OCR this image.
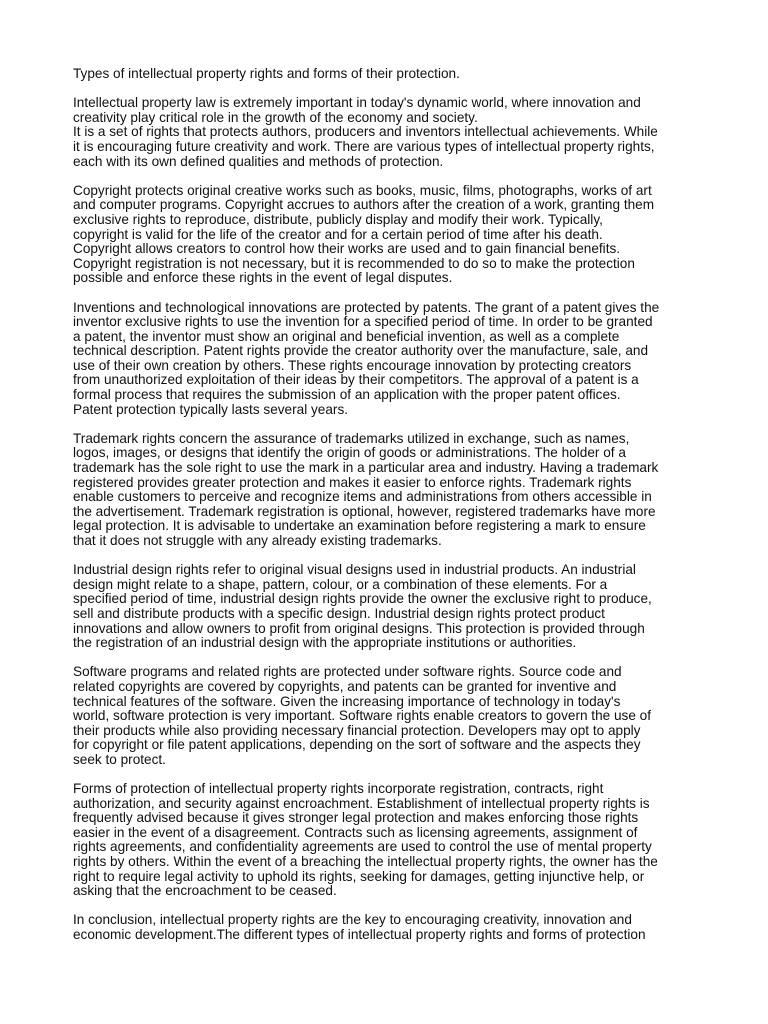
Types of intellectual property rights and forms of their protection.

Intellectual property law is extremely important in today's dynamic world, where innovation and
creativity play critical role in the growth of the economy and society.
It is a set of rights that protects authors, producers and inventors intellectual achievements. While
it is encouraging future creativity and work. There are various types of intellectual property rights,
each with its own defined qualities and methods of protection.

Copyright protects original creative works such as books, music, films, photographs, works of art
and computer programs. Copyright accrues to authors after the creation of a work, granting them
exclusive rights to reproduce, distribute, publicly display and modify their work. Typically,
copyright is valid for the life of the creator and for a certain period of time after his death.
Copyright allows creators to control how their works are used and to gain financial benefits.
Copyright registration is not necessary, but it is recommended to do so to make the protection
possible and enforce these rights in the event of legal disputes.

Inventions and technological innovations are protected by patents. The grant of a patent gives the
inventor exclusive rights to use the invention for a specified period of time. In order to be granted
a patent, the inventor must show an original and beneficial invention, as well as a complete
technical description. Patent rights provide the creator authority over the manufacture, sale, and
use of their own creation by others. These rights encourage innovation by protecting creators
from unauthorized exploitation of their ideas by their competitors. The approval of a patent is a
formal process that requires the submission of an application with the proper patent offices.
Patent protection typically lasts several years.

Trademark rights concern the assurance of trademarks utilized in exchange, such as names,
logos, images, or designs that identify the origin of goods or administrations. The holder of a
trademark has the sole right to use the mark in a particular area and industry. Having a trademark
registered provides greater protection and makes it easier to enforce rights. Trademark rights
enable customers to perceive and recognize items and administrations from others accessible in
the advertisement. Trademark registration is optional, however, registered trademarks have more
legal protection. It is advisable to undertake an examination before registering a mark to ensure
that it does not struggle with any already existing trademarks.

Industrial design rights refer to original visual designs used in industrial products. An industrial
design might relate to a shape, pattern, colour, or a combination of these elements. For a
specified period of time, industrial design rights provide the owner the exclusive right to produce,
sell and distribute products with a specific design. Industrial design rights protect product
innovations and allow owners to profit from original designs. This protection is provided through
the registration of an industrial design with the appropriate institutions or authorities.

Software programs and related rights are protected under software rights. Source code and
related copyrights are covered by copyrights, and patents can be granted for inventive and
technical features of the software. Given the increasing importance of technology in today's
world, software protection is very important. Software rights enable creators to govern the use of
their products while also providing necessary financial protection. Developers may opt to apply
for copyright or file patent applications, depending on the sort of software and the aspects they
seek to protect.

Forms of protection of intellectual property rights incorporate registration, contracts, right
authorization, and security against encroachment. Establishment of intellectual property rights is
frequently advised because it gives stronger legal protection and makes enforcing those rights
easier in the event of a disagreement. Contracts such as licensing agreements, assignment of
rights agreements, and confidentiality agreements are used to control the use of mental property
rights by others. Within the event of a breaching the intellectual property rights, the owner has the
right to require legal activity to uphold its rights, seeking for damages, getting injunctive help, or
asking that the encroachment to be ceased.

In conclusion, intellectual property rights are the key to encouraging creativity, innovation and
economic development.The different types of intellectual property rights and forms of protection
